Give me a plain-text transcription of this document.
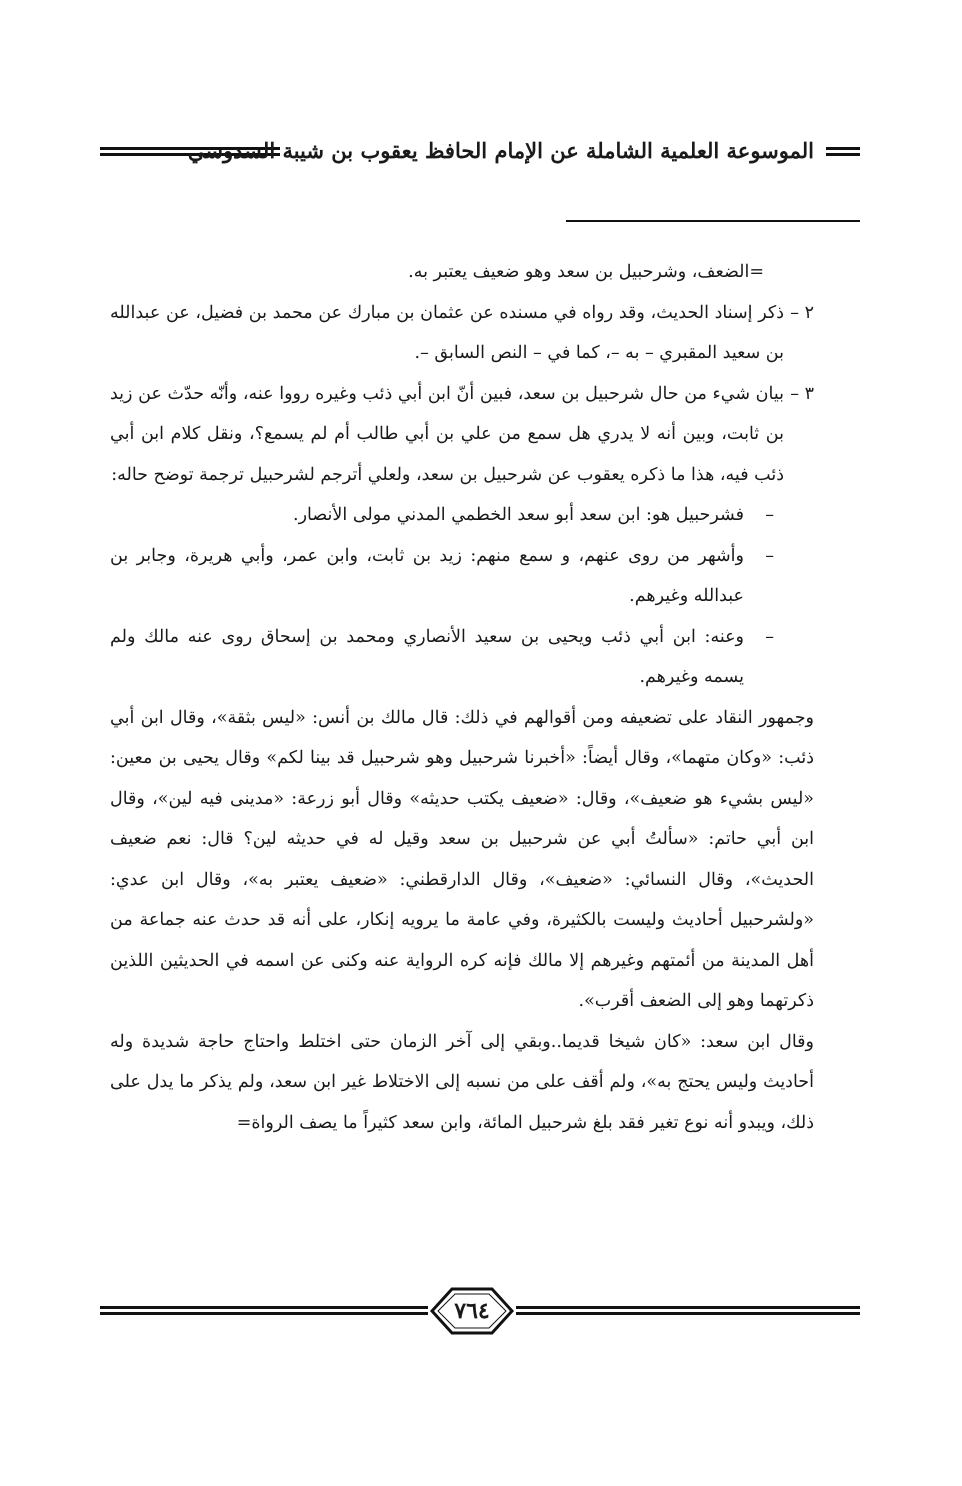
الموسوعة العلمية الشاملة عن الإمام الحافظ يعقوب بن شيبة السدوسي

=الضعف، وشرحبيل بن سعد وهو ضعيف يعتبر به.

٢ –
ذكر إسناد الحديث، وقد رواه في مسنده عن عثمان بن مبارك عن محمد بن فضيل، عن عبدالله بن سعيد المقبري – به –، كما في – النص السابق –.
٣ –
بيان شيء من حال شرحبيل بن سعد، فبين أنّ ابن أبي ذئب وغيره رووا عنه، وأنّه حدّث عن زيد بن ثابت، وبين أنه لا يدري هل سمع من علي بن أبي طالب أم لم يسمع؟، ونقل كلام ابن أبي ذئب فيه، هذا ما ذكره يعقوب عن شرحبيل بن سعد، ولعلي أترجم لشرحبيل ترجمة توضح حاله:
–
فشرحبيل هو: ابن سعد أبو سعد الخطمي المدني مولى الأنصار.
–
وأشهر من روى عنهم، و سمع منهم: زيد بن ثابت، وابن عمر، وأبي هريرة، وجابر بن عبدالله وغيرهم.
–
وعنه: ابن أبي ذئب ويحيى بن سعيد الأنصاري ومحمد بن إسحاق روى عنه مالك ولم يسمه وغيرهم.

وجمهور النقاد على تضعيفه ومن أقوالهم في ذلك: قال مالك بن أنس: «ليس بثقة»، وقال ابن أبي ذئب: «وكان متهما»، وقال أيضاً: «أخبرنا شرحبيل وهو شرحبيل قد بينا لكم» وقال يحيى بن معين: «ليس بشيء هو ضعيف»، وقال: «ضعيف يكتب حديثه» وقال أبو زرعة: «مدينى فيه لين»، وقال ابن أبي حاتم: «سألتُ أبي عن شرحبيل بن سعد وقيل له في حديثه لين؟ قال: نعم ضعيف الحديث»، وقال النسائي: «ضعيف»، وقال الدارقطني: «ضعيف يعتبر به»، وقال ابن عدي: «ولشرحبيل أحاديث وليست بالكثيرة، وفي عامة ما يرويه إنكار، على أنه قد حدث عنه جماعة من أهل المدينة من أئمتهم وغيرهم إلا مالك فإنه كره الرواية عنه وكنى عن اسمه في الحديثين اللذين ذكرتهما وهو إلى الضعف أقرب».

وقال ابن سعد: «كان شيخا قديما..وبقي إلى آخر الزمان حتى اختلط واحتاج حاجة شديدة وله أحاديث وليس يحتج به»، ولم أقف على من نسبه إلى الاختلاط غير ابن سعد، ولم يذكر ما يدل على ذلك، ويبدو أنه نوع تغير فقد بلغ شرحبيل المائة، وابن سعد كثيراً ما يصف الرواة=

٧٦٤
